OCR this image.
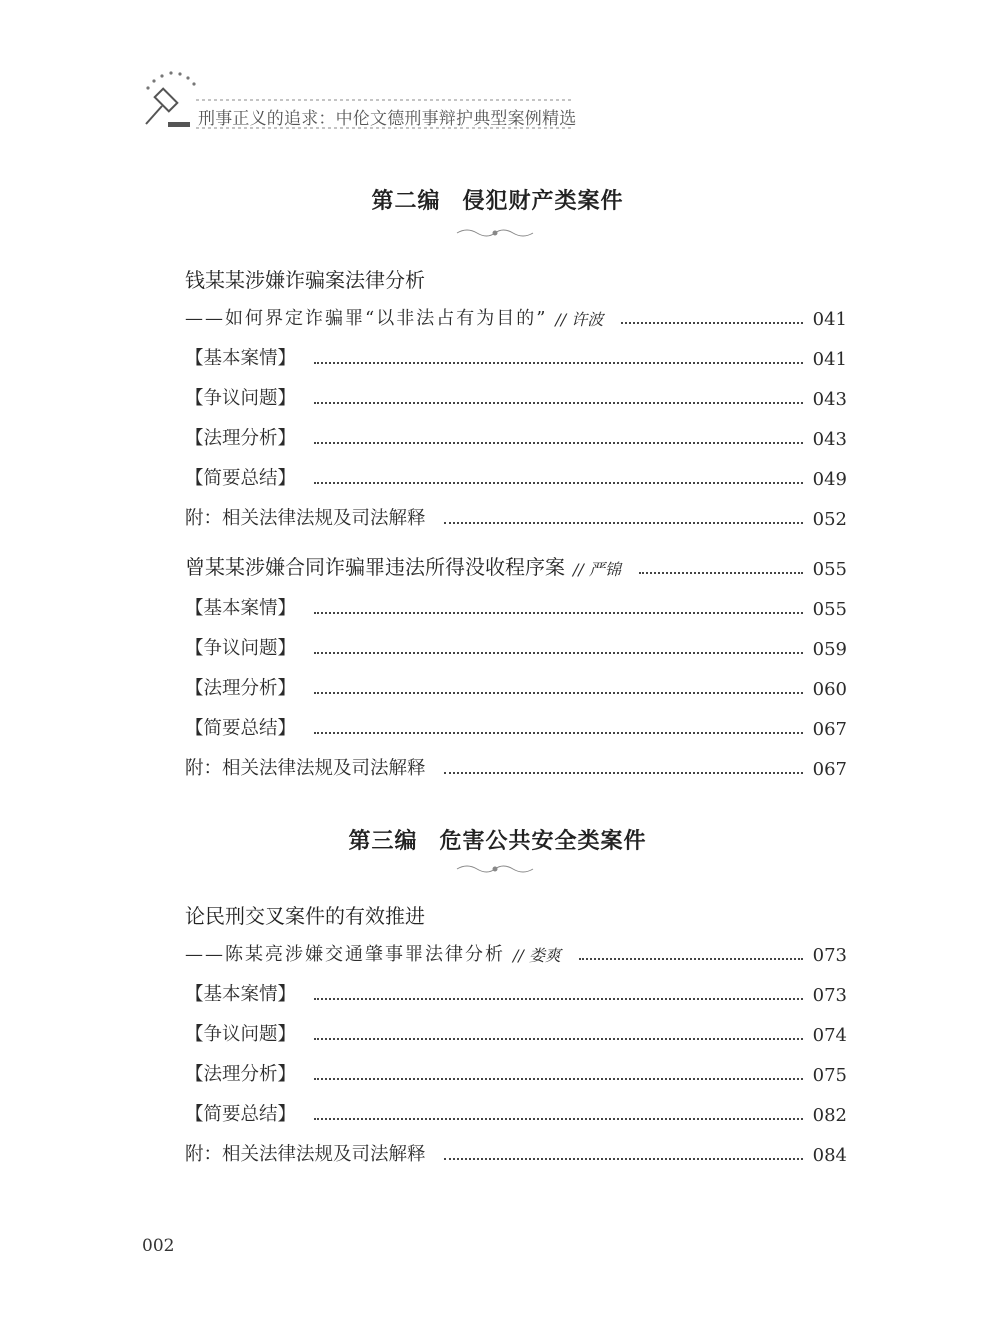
刑事正义的追求：中伦文德刑事辩护典型案例精选
第二编 侵犯财产类案件
钱某某涉嫌诈骗案法律分析
——如何界定诈骗罪“以非法占有为目的” // 许波	041
【基本案情】	041
【争议问题】	043
【法理分析】	043
【简要总结】	049
附：相关法律法规及司法解释	052
曾某某涉嫌合同诈骗罪违法所得没收程序案 // 严锦	055
【基本案情】	055
【争议问题】	059
【法理分析】	060
【简要总结】	067
附：相关法律法规及司法解释	067
第三编 危害公共安全类案件
论民刑交叉案件的有效推进
——陈某亮涉嫌交通肇事罪法律分析 // 娄爽	073
【基本案情】	073
【争议问题】	074
【法理分析】	075
【简要总结】	082
附：相关法律法规及司法解释	084
002
